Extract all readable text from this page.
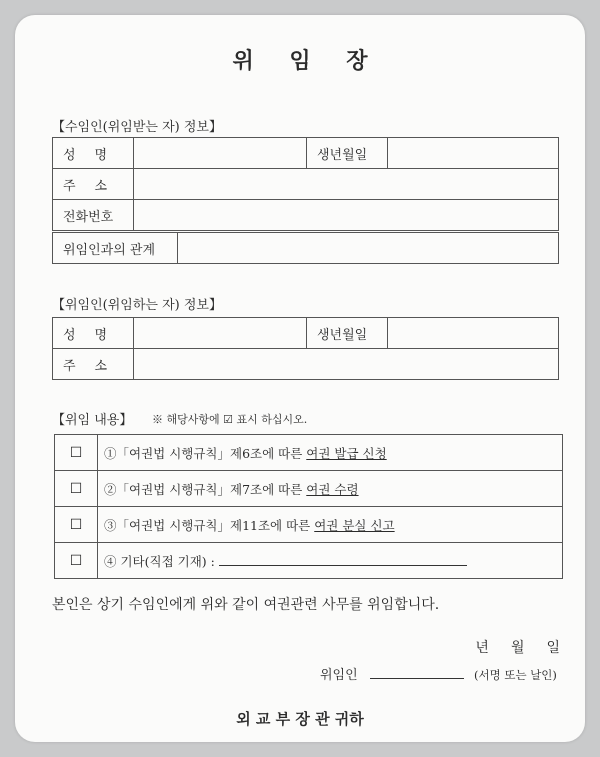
위 임 장
【수임인(위임받는 자) 정보】
성 명		생년월일	

주 소			

전화번호			
위임인과의 관계	
【위임인(위임하는 자) 정보】
성 명		생년월일	

주 소			

【위임 내용】 ※ 해당사항에 ☑ 표시 하십시오.
☐	①「여권법 시행규칙」제6조에 따른 여권 발급 신청
☐	②「여권법 시행규칙」제7조에 따른 여권 수령
☐	③「여권법 시행규칙」제11조에 따른 여권 분실 신고
☐	④ 기타(직접 기재) :
본인은 상기 수임인에게 위와 같이 여권관련 사무를 위임합니다.
년 월 일
위임인	(서명 또는 날인)
외 교 부 장 관 귀하
